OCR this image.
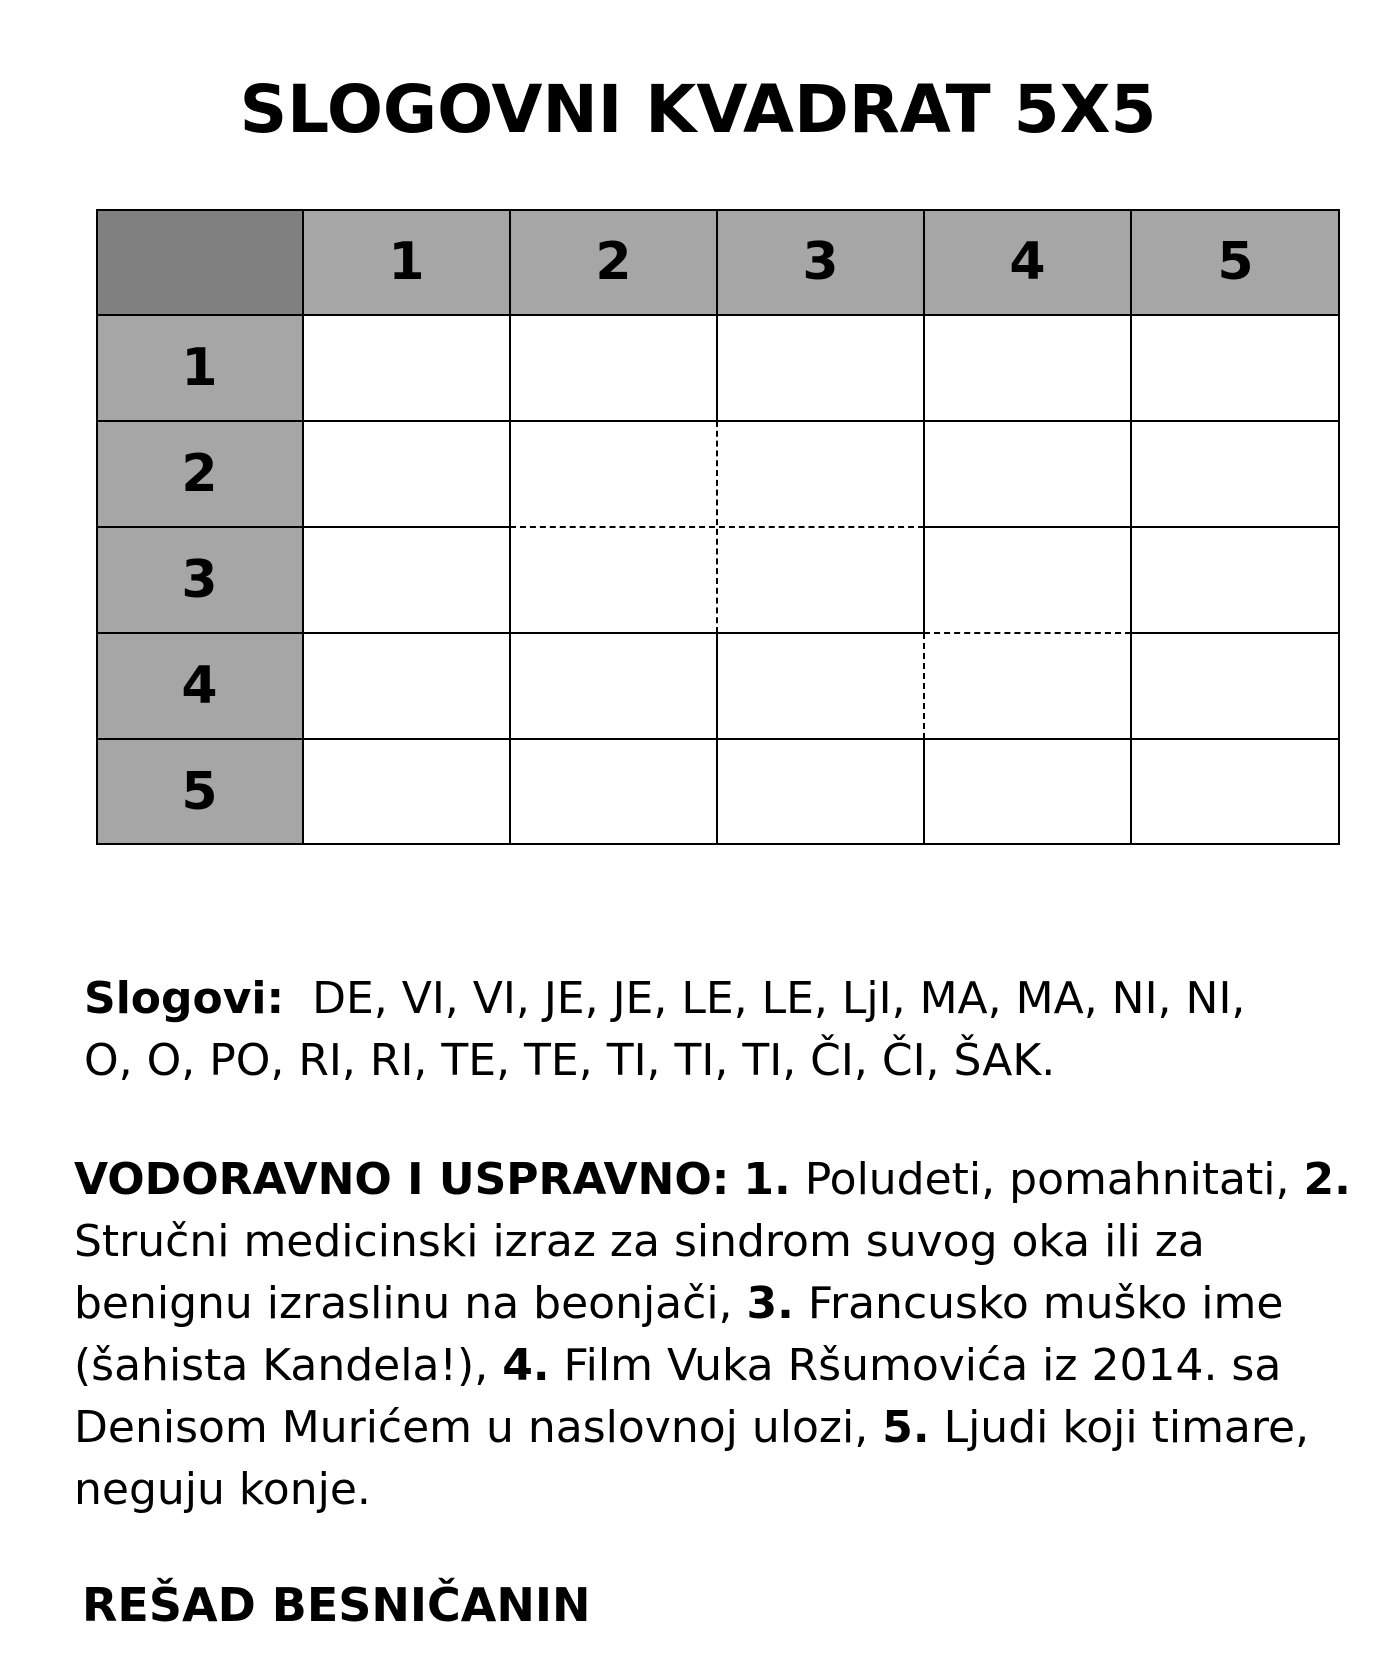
SLOGOVNI KVADRAT 5X5
1	2	3	4	5
1
2
3
4
5
Slogovi: DE, VI, VI, JE, JE, LE, LE, LjI, MA, MA, NI, NI,
O, O, PO, RI, RI, TE, TE, TI, TI, TI, ČI, ČI, ŠAK.
VODORAVNO I USPRAVNO: 1. Poludeti, pomahnitati, 2. Stručni medicinski izraz za sindrom suvog oka ili za benignu izraslinu na beonjači, 3. Francusko muško ime (šahista Kandela!), 4. Film Vuka Ršumovića iz 2014. sa Denisom Murićem u naslovnoj ulozi, 5. Ljudi koji timare, neguju konje.
REŠAD BESNIČANIN
